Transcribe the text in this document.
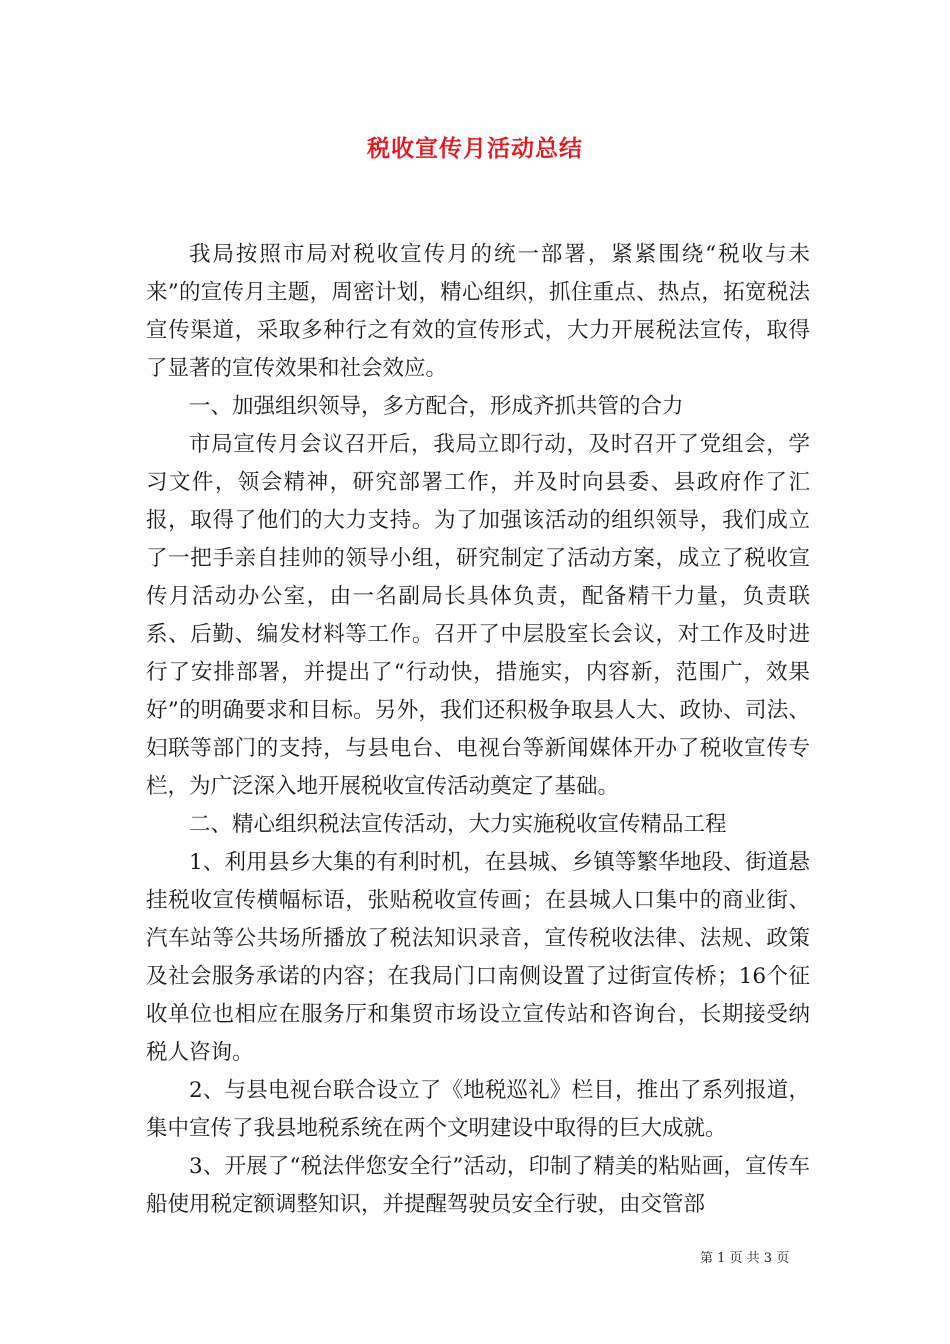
税收宣传月活动总结

我局按照市局对税收宣传月的统一部署，紧紧围绕“税收与未来”的宣传月主题，周密计划，精心组织，抓住重点、热点，拓宽税法宣传渠道，采取多种行之有效的宣传形式，大力开展税法宣传，取得了显著的宣传效果和社会效应。

一、加强组织领导，多方配合，形成齐抓共管的合力

市局宣传月会议召开后，我局立即行动，及时召开了党组会，学习文件，领会精神，研究部署工作，并及时向县委、县政府作了汇报，取得了他们的大力支持。为了加强该活动的组织领导，我们成立了一把手亲自挂帅的领导小组，研究制定了活动方案，成立了税收宣传月活动办公室，由一名副局长具体负责，配备精干力量，负责联系、后勤、编发材料等工作。召开了中层股室长会议，对工作及时进行了安排部署，并提出了“行动快，措施实，内容新，范围广，效果好”的明确要求和目标。另外，我们还积极争取县人大、政协、司法、妇联等部门的支持，与县电台、电视台等新闻媒体开办了税收宣传专栏，为广泛深入地开展税收宣传活动奠定了基础。

二、精心组织税法宣传活动，大力实施税收宣传精品工程

1、利用县乡大集的有利时机，在县城、乡镇等繁华地段、街道悬挂税收宣传横幅标语，张贴税收宣传画；在县城人口集中的商业街、汽车站等公共场所播放了税法知识录音，宣传税收法律、法规、政策及社会服务承诺的内容；在我局门口南侧设置了过街宣传桥；16个征收单位也相应在服务厅和集贸市场设立宣传站和咨询台，长期接受纳税人咨询。

2、与县电视台联合设立了《地税巡礼》栏目，推出了系列报道，集中宣传了我县地税系统在两个文明建设中取得的巨大成就。

3、开展了“税法伴您安全行”活动，印制了精美的粘贴画，宣传车船使用税定额调整知识，并提醒驾驶员安全行驶，由交管部

第 1 页 共 3 页
